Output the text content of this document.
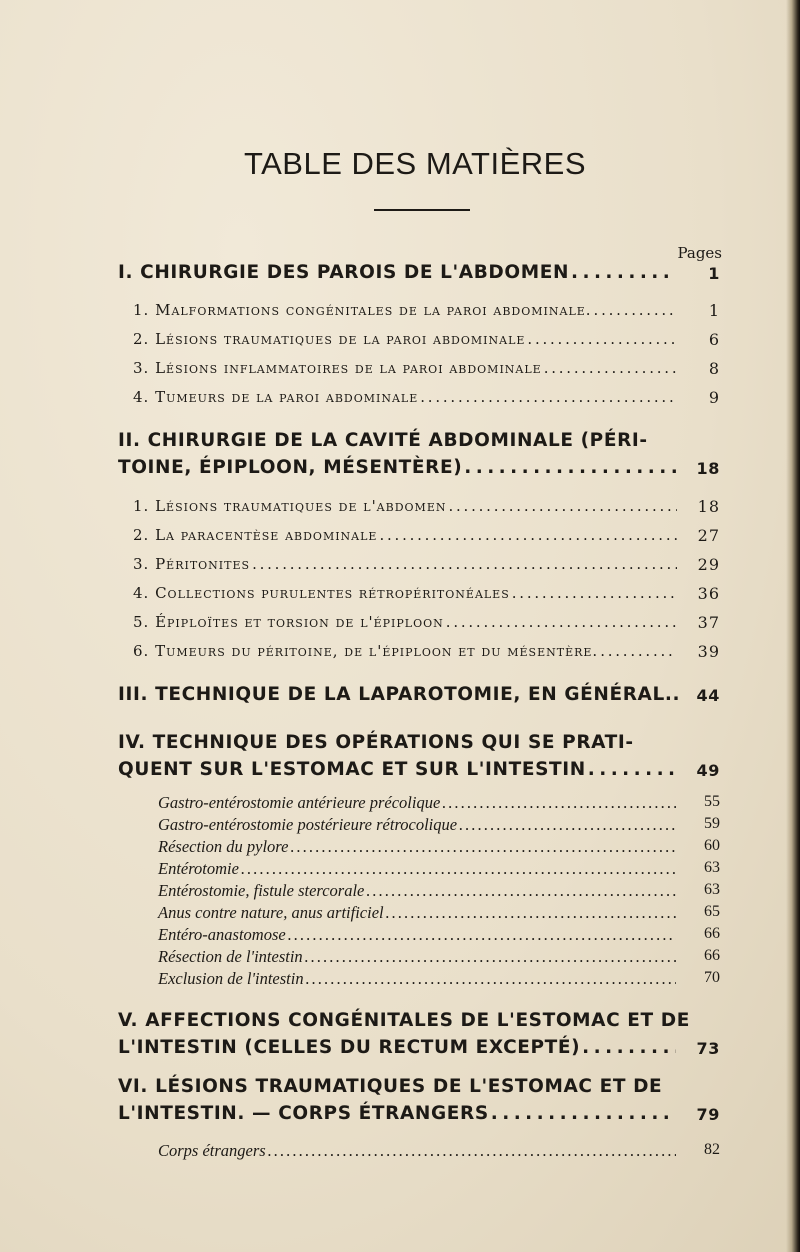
TABLE DES MATIÈRES
Pages
I. CHIRURGIE DES PAROIS DE L'ABDOMEN . . .	1
1. Malformations congénitales de la paroi abdominale. . . .	1
2. Lésions traumatiques de la paroi abdominale . . .	6
3. Lésions inflammatoires de la paroi abdominale . . .	8
4. Tumeurs de la paroi abdominale . . .	9
II. CHIRURGIE DE LA CAVITÉ ABDOMINALE (PÉRI-
TOINE, ÉPIPLOON, MÉSENTÈRE) . . .	18
1. Lésions traumatiques de l'abdomen . . .	18
2. La paracentèse abdominale . . .	27
3. Péritonites . . .	29
4. Collections purulentes rétropéritonéales . . .	36
5. Épiploïtes et torsion de l'épiploon . . .	37
6. Tumeurs du péritoine, de l'épiploon et du mésentère. . . .	39
III. TECHNIQUE DE LA LAPAROTOMIE, EN GÉNÉRAL..	44
IV. TECHNIQUE DES OPÉRATIONS QUI SE PRATI-
QUENT SUR L'ESTOMAC ET SUR L'INTESTIN . . .	49
Gastro-entérostomie antérieure précolique . . .	55
Gastro-entérostomie postérieure rétrocolique . . .	59
Résection du pylore . . .	60
Entérotomie . . .	63
Entérostomie, fistule stercorale . . .	63
Anus contre nature, anus artificiel . . .	65
Entéro-anastomose . . .	66
Résection de l'intestin . . .	66
Exclusion de l'intestin . . .	70
V. AFFECTIONS CONGÉNITALES DE L'ESTOMAC ET DE
L'INTESTIN (CELLES DU RECTUM EXCEPTÉ) . . .	73
VI. LÉSIONS TRAUMATIQUES DE L'ESTOMAC ET DE
L'INTESTIN. — CORPS ÉTRANGERS . . .	79
Corps étrangers . . .	82
